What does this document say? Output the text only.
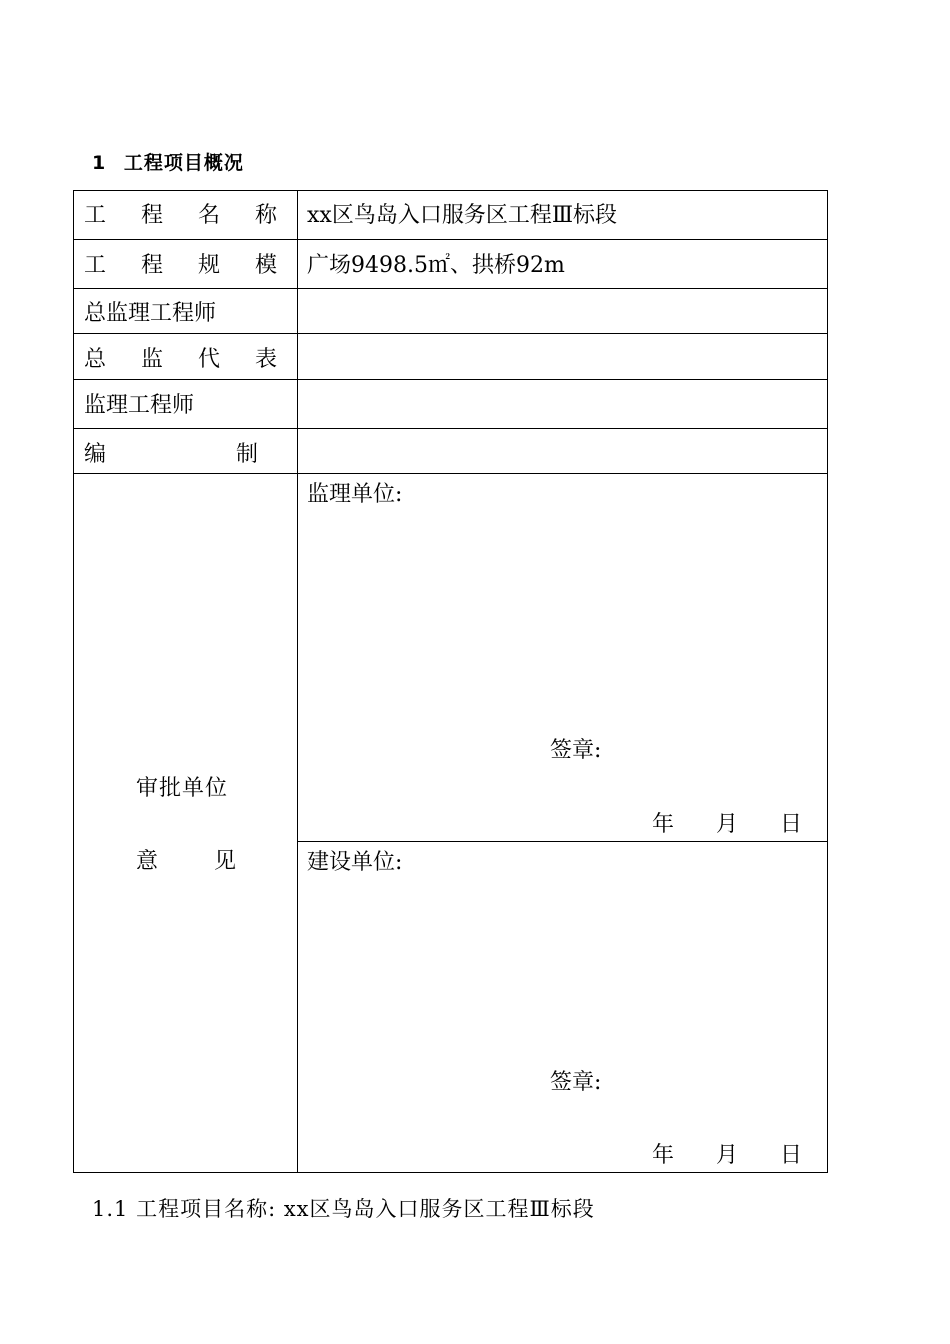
1 工程项目概况
工 程 名 称 xx区鸟岛入口服务区工程Ⅲ标段
工 程 规 模 广场9498.5㎡、拱桥92m
总监理工程师
总 监 代 表
监理工程师
编	制
审批单位
意	见
监理单位:
签章:
年 月 日
建设单位:
签章:
年 月 日
1.1 工程项目名称: xx区鸟岛入口服务区工程Ⅲ标段
